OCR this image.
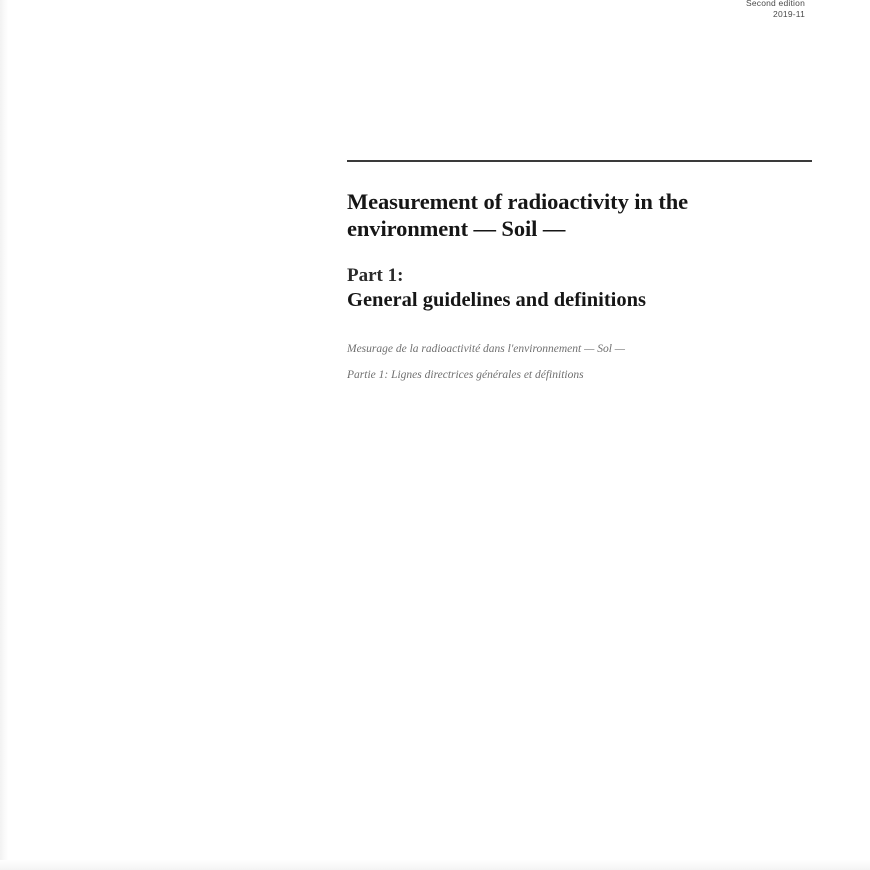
Second edition
2019-11
Measurement of radioactivity in the environment — Soil —

Part 1:

General guidelines and definitions

Mesurage de la radioactivité dans l'environnement — Sol —

Partie 1: Lignes directrices générales et définitions
